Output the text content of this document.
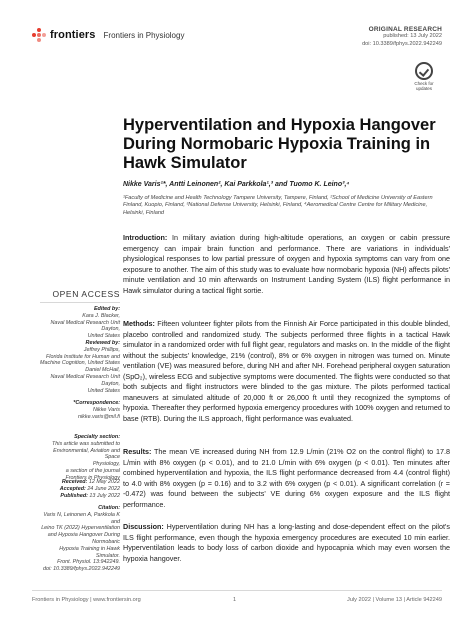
frontiers Frontiers in Physiology
ORIGINAL RESEARCH
published: 13 July 2022
doi: 10.3389/fphys.2022.942249
Check for updates
Hyperventilation and Hypoxia Hangover During Normobaric Hypoxia Training in Hawk Simulator
Nikke Varis¹*, Antti Leinonen², Kai Parkkola¹,³ and Tuomo K. Leino³,⁴
¹Faculty of Medicine and Health Technology Tampere University, Tampere, Finland, ²School of Medicine University of Eastern Finland, Kuopio, Finland, ³National Defense University, Helsinki, Finland, ⁴Aeromedical Centre Centre for Military Medicine, Helsinki, Finland
OPEN ACCESS
Edited by:
Kara J. Blacker,
Naval Medical Research Unit Dayton,
United States
Reviewed by:
Jeffrey Phillips,
Florida Institute for Human and
Machine Cognition, United States
Daniel McHail,
Naval Medical Research Unit Dayton,
United States
*Correspondence:
Nikke Varis
nikke.varis@mil.fi
Specialty section:
This article was submitted to
Environmental, Aviation and Space
Physiology,
a section of the journal
Frontiers in Physiology
Received: 12 May 2022
Accepted: 24 June 2022
Published: 13 July 2022
Citation:
Varis N, Leinonen A, Parkkola K and
Leino TK (2022) Hyperventilation
and Hypoxia Hangover During Normobaric
Hypoxia Training in Hawk Simulator.
Front. Physiol. 13:942249.
doi: 10.3389/fphys.2022.942249
Introduction: In military aviation during high-altitude operations, an oxygen or cabin pressure emergency can impair brain function and performance. There are variations in individuals' physiological responses to low partial pressure of oxygen and hypoxia symptoms can vary from one exposure to another. The aim of this study was to evaluate how normobaric hypoxia (NH) affects pilots' minute ventilation and 10 min afterwards on Instrument Landing System (ILS) flight performance in Hawk simulator during a tactical flight sortie.
Methods: Fifteen volunteer fighter pilots from the Finnish Air Force participated in this double blinded, placebo controlled and randomized study. The subjects performed three flights in a tactical Hawk simulator in a randomized order with full flight gear, regulators and masks on. In the middle of the flight without the subjects' knowledge, 21% (control), 8% or 6% oxygen in nitrogen was turned on. Minute ventilation (VE) was measured before, during NH and after NH. Forehead peripheral oxygen saturation (SpO₂), wireless ECG and subjective symptoms were documented. The flights were conducted so that both subjects and flight instructors were blinded to the gas mixture. The pilots performed tactical maneuvers at simulated altitude of 20,000 ft or 26,000 ft until they recognized the symptoms of hypoxia. Thereafter they performed hypoxia emergency procedures with 100% oxygen and returned to base (RTB). During the ILS approach, flight performance was evaluated.
Results: The mean VE increased during NH from 12.9 L/min (21% O2 on the control flight) to 17.8 L/min with 8% oxygen (p < 0.01), and to 21.0 L/min with 6% oxygen (p < 0.01). Ten minutes after combined hyperventilation and hypoxia, the ILS flight performance decreased from 4.4 (control flight) to 4.0 with 8% oxygen (p = 0.16) and to 3.2 with 6% oxygen (p < 0.01). A significant correlation (r = -0.472) was found between the subjects' VE during 6% oxygen exposure and the ILS flight performance.
Discussion: Hyperventilation during NH has a long-lasting and dose-dependent effect on the pilot's ILS flight performance, even though the hypoxia emergency procedures are executed 10 min earlier. Hyperventilation leads to body loss of carbon dioxide and hypocapnia which may even worsen the hypoxia hangover.
Frontiers in Physiology | www.frontiersin.org	1	July 2022 | Volume 13 | Article 942249
